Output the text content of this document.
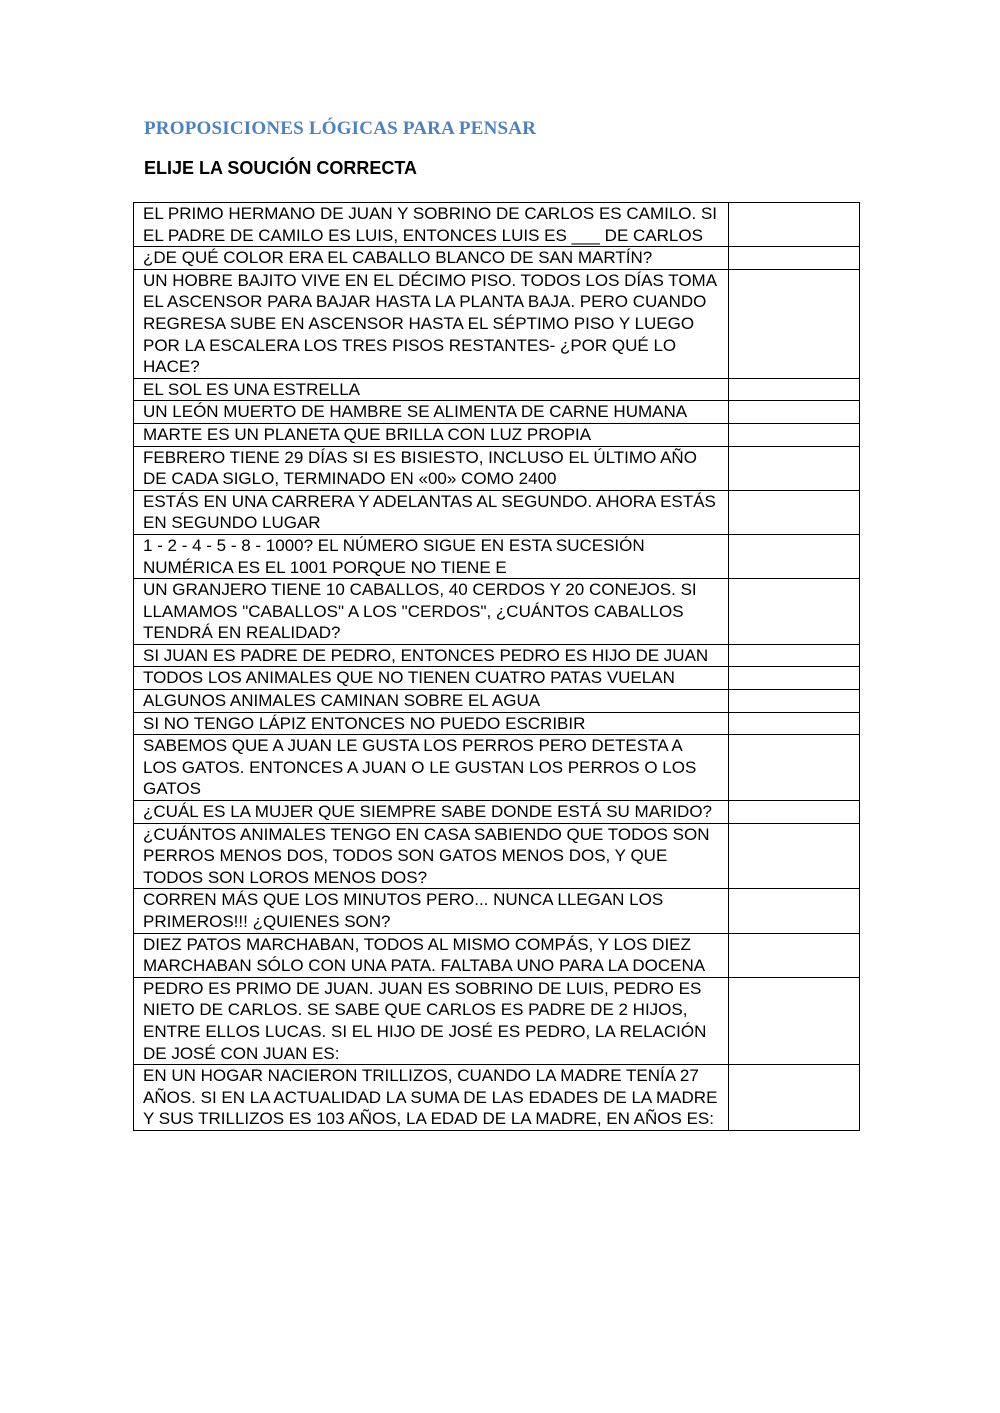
PROPOSICIONES LÓGICAS PARA PENSAR
ELIJE LA SOUCIÓN CORRECTA
EL PRIMO HERMANO DE JUAN Y SOBRINO DE CARLOS ES CAMILO. SI EL PADRE DE CAMILO ES LUIS, ENTONCES LUIS ES ___ DE CARLOS	
¿DE QUÉ COLOR ERA EL CABALLO BLANCO DE SAN MARTÍN?	
UN HOBRE BAJITO VIVE EN EL DÉCIMO PISO. TODOS LOS DÍAS TOMA EL ASCENSOR PARA BAJAR HASTA LA PLANTA BAJA. PERO CUANDO REGRESA SUBE EN ASCENSOR HASTA EL SÉPTIMO PISO Y LUEGO POR LA ESCALERA LOS TRES PISOS RESTANTES- ¿POR QUÉ LO HACE?	
EL SOL ES UNA ESTRELLA	
UN LEÓN MUERTO DE HAMBRE SE ALIMENTA DE CARNE HUMANA	
MARTE ES UN PLANETA QUE BRILLA CON LUZ PROPIA	
FEBRERO TIENE 29 DÍAS SI ES BISIESTO, INCLUSO EL ÚLTIMO AÑO DE CADA SIGLO, TERMINADO EN «00» COMO 2400	
ESTÁS EN UNA CARRERA Y ADELANTAS AL SEGUNDO. AHORA ESTÁS EN SEGUNDO LUGAR	
1 - 2 - 4 - 5 - 8 - 1000? EL NÚMERO SIGUE EN ESTA SUCESIÓN NUMÉRICA ES EL 1001 PORQUE NO TIENE E	
UN GRANJERO TIENE 10 CABALLOS, 40 CERDOS Y 20 CONEJOS. SI LLAMAMOS "CABALLOS" A LOS "CERDOS", ¿CUÁNTOS CABALLOS TENDRÁ EN REALIDAD?	
SI JUAN ES PADRE DE PEDRO, ENTONCES PEDRO ES HIJO DE JUAN	
TODOS LOS ANIMALES QUE NO TIENEN CUATRO PATAS VUELAN	
ALGUNOS ANIMALES CAMINAN SOBRE EL AGUA	
SI NO TENGO LÁPIZ ENTONCES NO PUEDO ESCRIBIR	
SABEMOS QUE A JUAN LE GUSTA LOS PERROS PERO DETESTA A LOS GATOS. ENTONCES A JUAN O LE GUSTAN LOS PERROS O LOS GATOS	
¿CUÁL ES LA MUJER QUE SIEMPRE SABE DONDE ESTÁ SU MARIDO?	
¿CUÁNTOS ANIMALES TENGO EN CASA SABIENDO QUE TODOS SON PERROS MENOS DOS, TODOS SON GATOS MENOS DOS, Y QUE TODOS SON LOROS MENOS DOS?	
CORREN MÁS QUE LOS MINUTOS PERO... NUNCA LLEGAN LOS PRIMEROS!!! ¿QUIENES SON?	
DIEZ PATOS MARCHABAN, TODOS AL MISMO COMPÁS, Y LOS DIEZ MARCHABAN SÓLO CON UNA PATA. FALTABA UNO PARA LA DOCENA	
PEDRO ES PRIMO DE JUAN. JUAN ES SOBRINO DE LUIS, PEDRO ES NIETO DE CARLOS. SE SABE QUE CARLOS ES PADRE DE 2 HIJOS, ENTRE ELLOS LUCAS. SI EL HIJO DE JOSÉ ES PEDRO, LA RELACIÓN DE JOSÉ CON JUAN ES:	
EN UN HOGAR NACIERON TRILLIZOS, CUANDO LA MADRE TENÍA 27 AÑOS. SI EN LA ACTUALIDAD LA SUMA DE LAS EDADES DE LA MADRE Y SUS TRILLIZOS ES 103 AÑOS, LA EDAD DE LA MADRE, EN AÑOS ES:	
